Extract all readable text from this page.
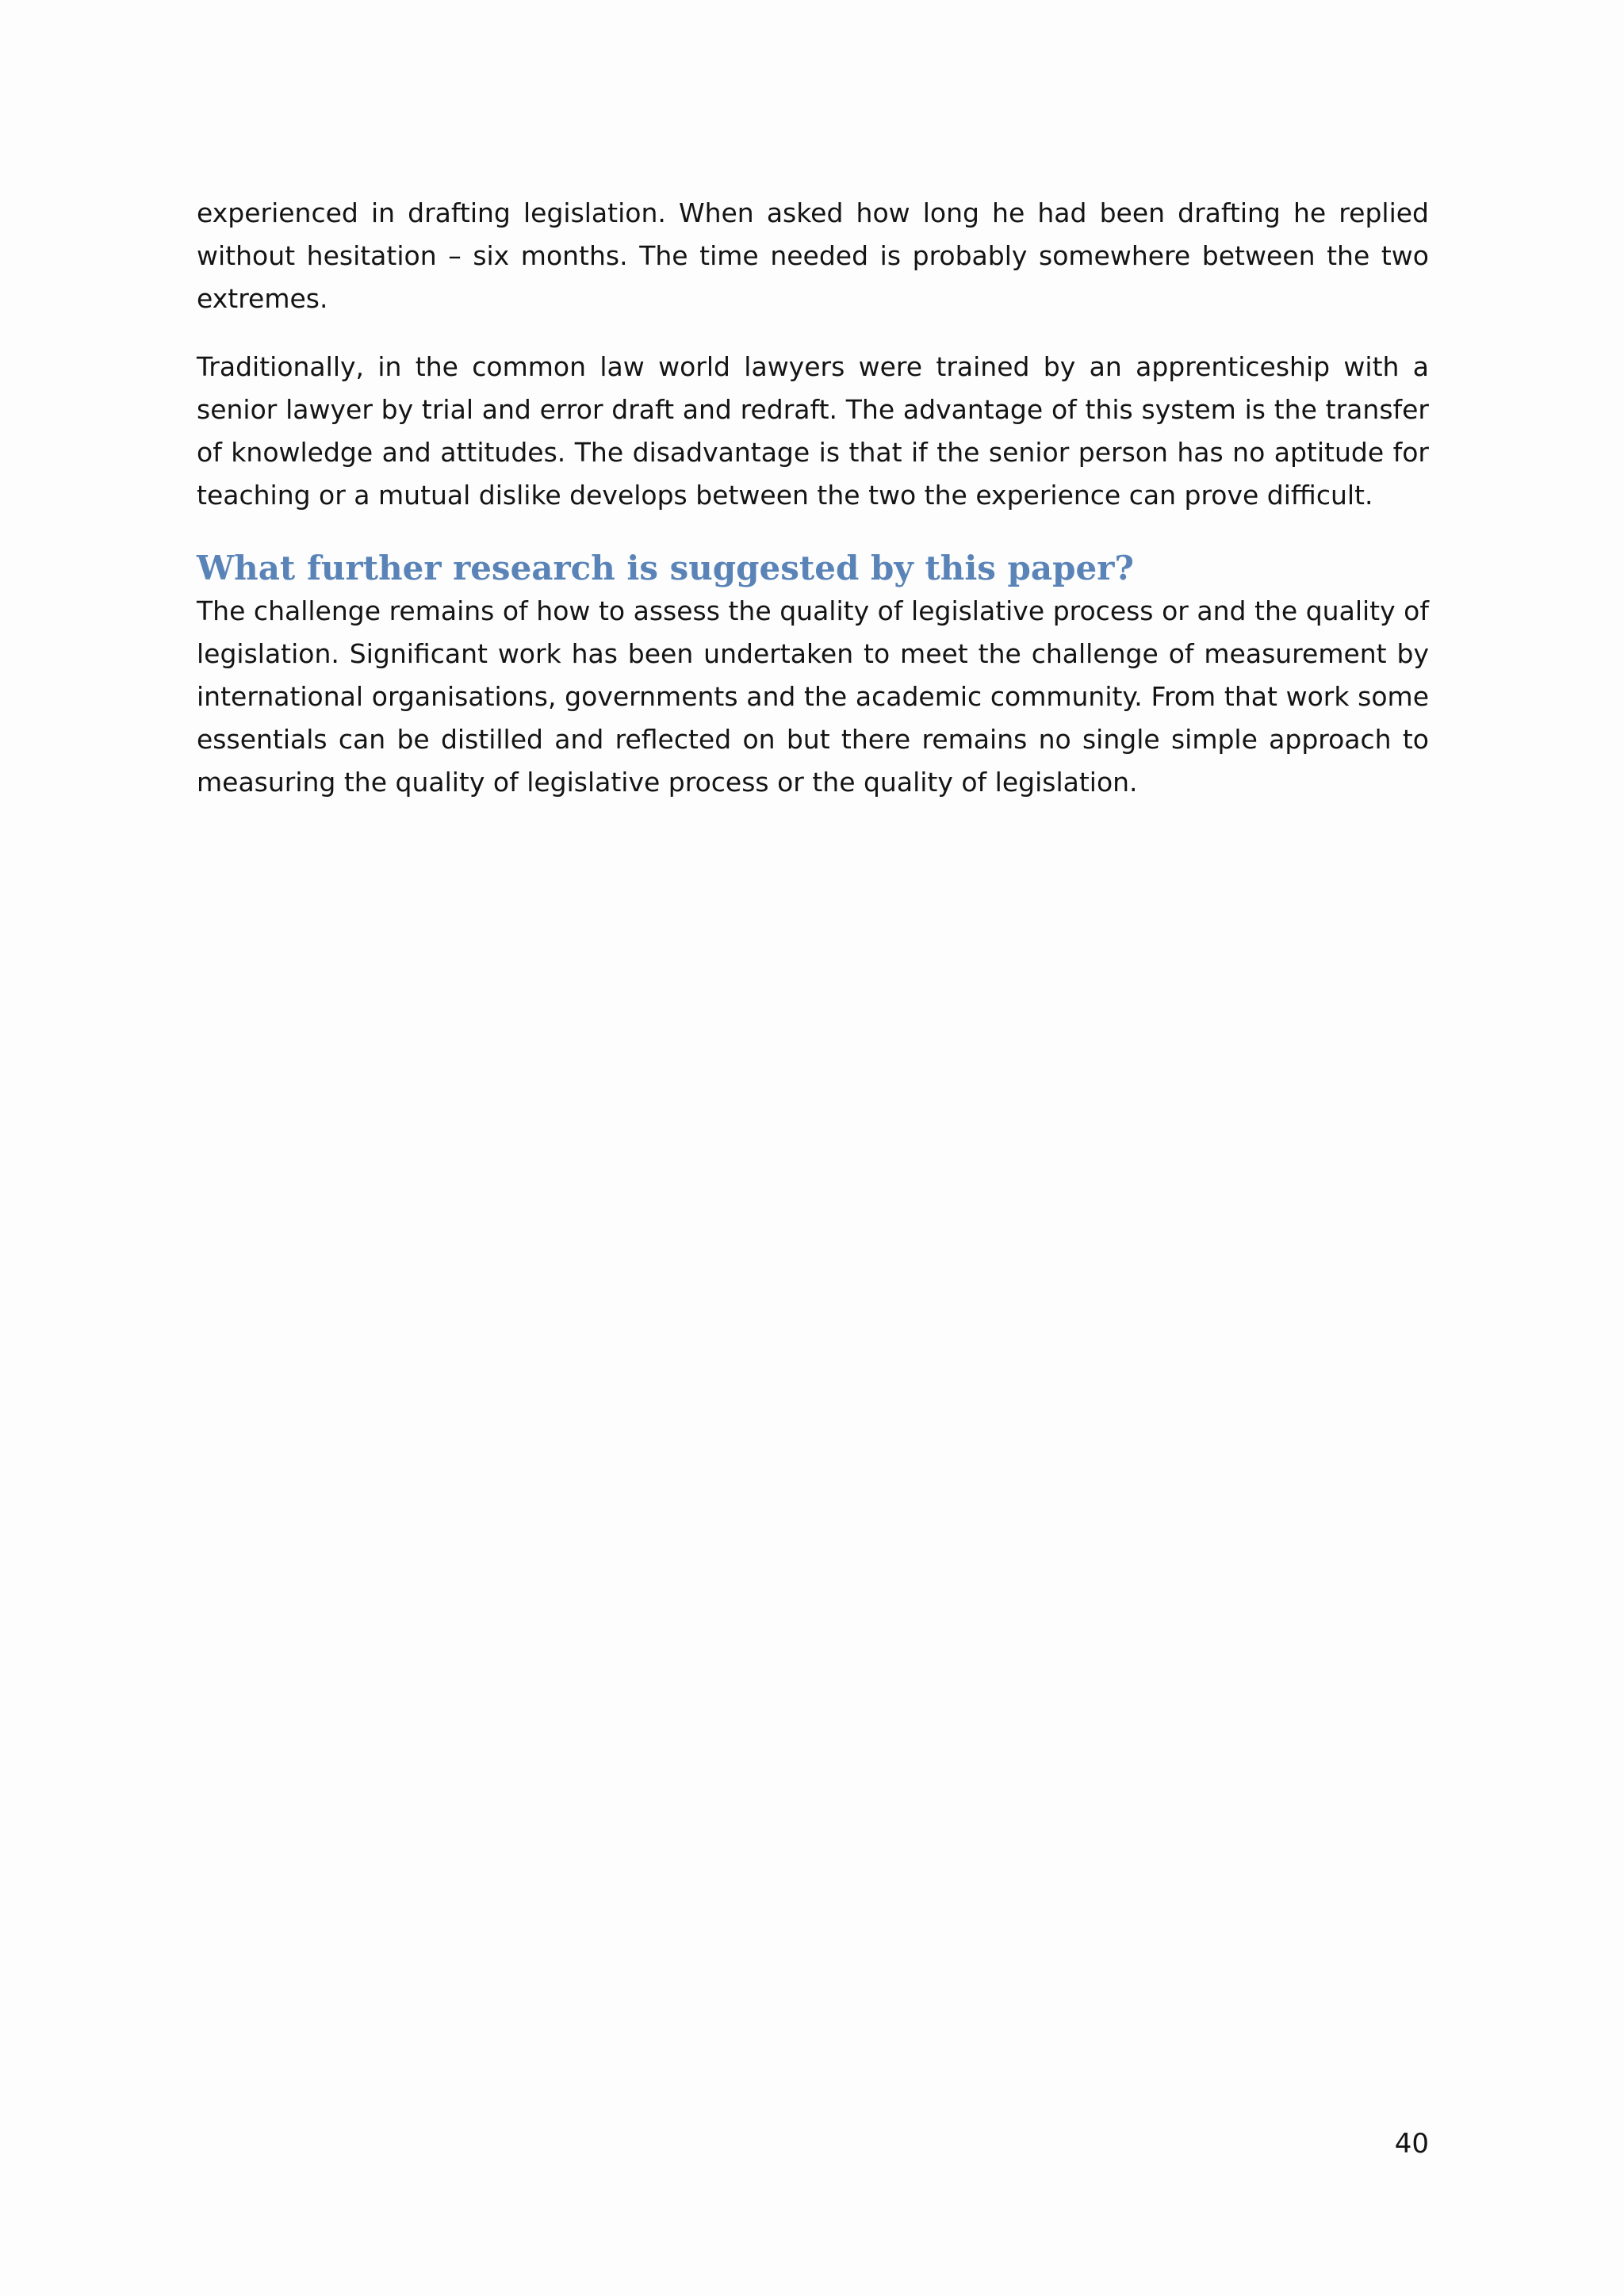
experienced in drafting legislation. When asked how long he had been drafting he replied without hesitation – six months. The time needed is probably somewhere between the two extremes.

Traditionally, in the common law world lawyers were trained by an apprenticeship with a senior lawyer by trial and error draft and redraft. The advantage of this system is the transfer of knowledge and attitudes. The disadvantage is that if the senior person has no aptitude for teaching or a mutual dislike develops between the two the experience can prove difficult.

What further research is suggested by this paper?

The challenge remains of how to assess the quality of legislative process or and the quality of legislation. Significant work has been undertaken to meet the challenge of measurement by international organisations, governments and the academic community. From that work some essentials can be distilled and reflected on but there remains no single simple approach to measuring the quality of legislative process or the quality of legislation.

40
